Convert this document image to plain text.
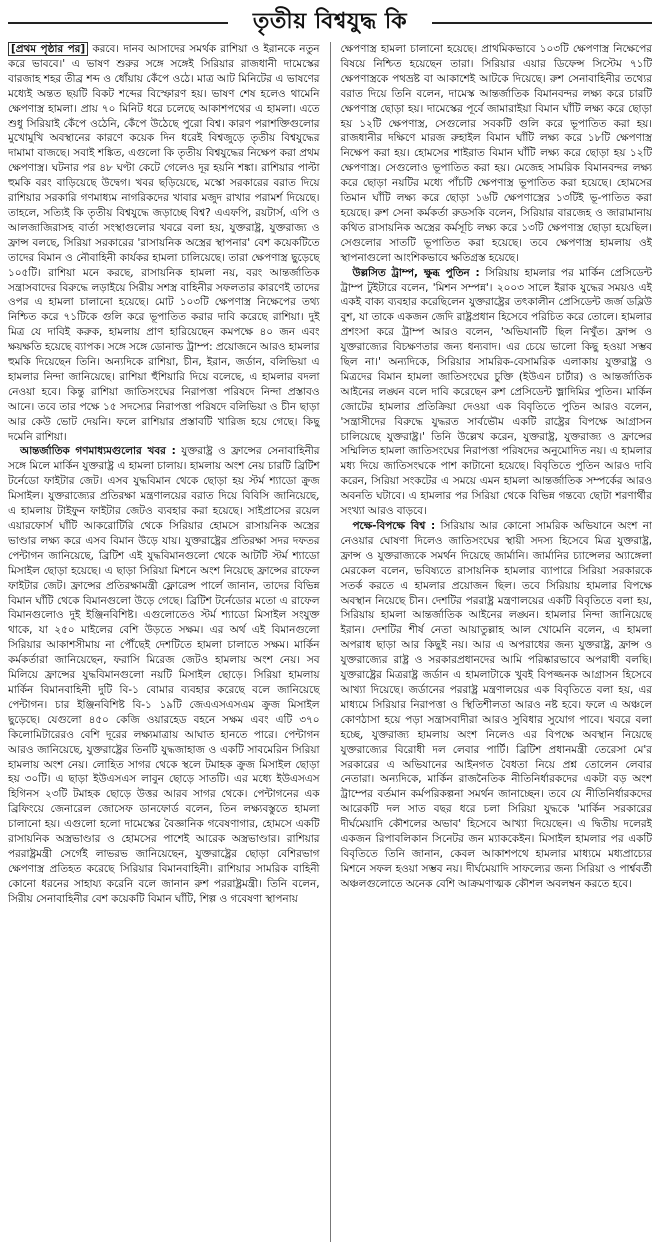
তৃতীয় বিশ্বযুদ্ধ কি

[প্রথম পৃষ্ঠার পর] করবে। দানব আসাদের সমর্থক রাশিয়া ও ইরানকে নতুন করে ভাববে।' এ ভাষণ শুরুর সঙ্গে সঙ্গেই সিরিয়ার রাজধানী দামেস্কের বারজাহ শহর তীব্র শব্দ ও ধোঁয়ায় কেঁপে ওঠে। মাত্র আট মিনিটের এ ভাষণের মধ্যেই অন্তত ছয়টি বিকট শব্দের বিস্ফোরণ হয়। ভাষণ শেষ হলেও থামেনি ক্ষেপণাস্ত্র হামলা। প্রায় ৭০ মিনিট ধরে চলেছে আকাশপথের এ হামলা। এতে শুধু সিরিয়াই কেঁপে ওঠেনি, কেঁপে উঠেছে পুরো বিশ্ব। কারণ পরাশক্তিগুলোর মুখোমুখি অবস্থানের কারণে কয়েক দিন ধরেই বিশ্বজুড়ে তৃতীয় বিশ্বযুদ্ধের দামামা বাজছে। সবাই শঙ্কিত, এগুলো কি তৃতীয় বিশ্বযুদ্ধের নিক্ষেপ করা প্রথম ক্ষেপণাস্ত্র। ঘটনার পর ৪৮ ঘণ্টা কেটে গেলেও দূর হয়নি শঙ্কা। রাশিয়ার পাল্টা হুমকি বরং বাড়িয়েছে উদ্বেগ। খবর ছড়িয়েছে, মস্কো সরকারের বরাত দিয়ে রাশিয়ার সরকারি গণমাধ্যম নাগরিকদের খাবার মজুদ রাখার পরামর্শ দিয়েছে। তাহলে, সত্যিই কি তৃতীয় বিশ্বযুদ্ধে জড়াচ্ছে বিশ্ব? এএফপি, রয়টার্স, এপি ও আলজাজিরাসহ বার্তা সংস্থাগুলোর খবরে বলা হয়, যুক্তরাষ্ট্র, যুক্তরাজ্য ও ফ্রান্স বলছে, সিরিয়া সরকারের 'রাসায়নিক অস্ত্রের স্থাপনার' বেশ কয়েকটিতে তাদের বিমান ও নৌবাহিনী কার্যকর হামলা চালিয়েছে। তারা ক্ষেপণাস্ত্র ছুড়েছে ১০৫টি। রাশিয়া মনে করছে, রাসায়নিক হামলা নয়, বরং আন্তর্জাতিক সন্ত্রাসবাদের বিরুদ্ধে লড়াইয়ে সিরীয় সশস্ত্র বাহিনীর সফলতার কারণেই তাদের ওপর এ হামলা চালানো হয়েছে। মোট ১০৩টি ক্ষেপণাস্ত্র নিক্ষেপের তথ্য নিশ্চিত করে ৭১টিকে গুলি করে ভূপাতিত করার দাবি করেছে রাশিয়া। দুই মিত্র যে দাবিই করুক, হামলায় প্রাণ হারিয়েছেন কমপক্ষে ৪০ জন এবং ক্ষয়ক্ষতি হয়েছে ব্যাপক। সঙ্গে সঙ্গে ডোনাল্ড ট্রাম্প: প্রয়োজনে আরও হামলার হুমকি দিয়েছেন তিনি। অন্যদিকে রাশিয়া, চীন, ইরান, জর্ডান, বলিভিয়া এ হামলার নিন্দা জানিয়েছে। রাশিয়া হুঁশিয়ারি দিয়ে বলেছে, এ হামলার বদলা নেওয়া হবে। কিন্তু রাশিয়া জাতিসংঘের নিরাপত্তা পরিষদে নিন্দা প্রস্তাবও আনে। তবে তার পক্ষে ১৫ সদস্যের নিরাপত্তা পরিষদে বলিভিয়া ও চীন ছাড়া আর কেউ ভোট দেয়নি। ফলে রাশিয়ার প্রস্তাবটি খারিজ হয়ে গেছে। কিছু দমেনি রাশিয়া।

আন্তর্জাতিক গণমাধ্যমগুলোর খবর : যুক্তরাষ্ট্র ও ফ্রান্সের সেনাবাহিনীর সঙ্গে মিলে মার্কিন যুক্তরাষ্ট্র এ হামলা চালায়। হামলায় অংশ নেয় চারটি ব্রিটিশ টর্নেডো ফাইটার জেট। এসব যুদ্ধবিমান থেকে ছোড়া হয় স্টর্ম শ্যাডো ক্রুজ মিসাইল। যুক্তরাজ্যের প্রতিরক্ষা মন্ত্রণালয়ের বরাত দিয়ে বিবিসি জানিয়েছে, এ হামলায় টাইফুন ফাইটার জেটও ব্যবহার করা হয়েছে। সাইপ্রাসের রয়েল এয়ারফোর্স ঘাঁটি আকরোটিরি থেকে সিরিয়ার হোমসে রাসায়নিক অস্ত্রের ভাণ্ডার লক্ষ্য করে এসব বিমান উড়ে যায়। যুক্তরাষ্ট্রের প্রতিরক্ষা সদর দফতর পেন্টাগন জানিয়েছে, ব্রিটিশ এই যুদ্ধবিমানগুলো থেকে আটটি স্টর্ম শ্যাডো মিসাইল ছোড়া হয়েছে। এ ছাড়া সিরিয়া মিশনে অংশ নিয়েছে ফ্রান্সের রাফেল ফাইটার জেট। ফ্রান্সের প্রতিরক্ষামন্ত্রী ফ্লোরেন্স পার্লে জানান, তাদের বিভিন্ন বিমান ঘাঁটি থেকে বিমানগুলো উড়ে গেছে। ব্রিটিশ টর্নেডোর মতো এ রাফেল বিমানগুলোও দুই ইঞ্জিনবিশিষ্ট। এগুলোতেও স্টর্ম শ্যাডো মিসাইল সংযুক্ত থাকে, যা ২৫০ মাইলের বেশি উড়তে সক্ষম। এর অর্থ এই বিমানগুলো সিরিয়ার আকাশসীমায় না পৌঁছেই দেশটিতে হামলা চালাতে সক্ষম। মার্কিন কর্মকর্তারা জানিয়েছেন, ফরাসি মিরেজ জেটও হামলায় অংশ নেয়। সব মিলিয়ে ফ্রান্সের যুদ্ধবিমানগুলো নয়টি মিসাইল ছোড়ে। সিরিয়া হামলায় মার্কিন বিমানবাহিনী দুটি বি-১ বোমার ব্যবহার করেছে বলে জানিয়েছে পেন্টাগন। চার ইঞ্জিনবিশিষ্ট বি-১ ১৯টি জেএএসএসএম ক্রুজ মিসাইল ছুড়েছে। যেগুলো ৪৫০ কেজি ওয়ারহেড বহনে সক্ষম এবং এটি ৩৭০ কিলোমিটারেরও বেশি দূরের লক্ষ্যমাত্রায় আঘাত হানতে পারে। পেন্টাগন আরও জানিয়েছে, যুক্তরাষ্ট্রের তিনটি যুদ্ধজাহাজ ও একটি সাবমেরিন সিরিয়া হামলায় অংশ নেয়। লোহিত সাগর থেকে স্থলে টমাহক ক্রুজ মিসাইল ছোড়া হয় ৩০টি। এ ছাড়া ইউএসএস লাবুন ছোড়ে সাতটি। এর মধ্যে ইউএসএস হিগিনস ২৩টি টমাহক ছোড়ে উত্তর আরব সাগর থেকে। পেন্টাগনের এক ব্রিফিংয়ে জেনারেল জোসেফ ডানফোর্ড বলেন, তিন লক্ষ্যবস্তুতে হামলা চালানো হয়। এগুলো হলো দামেস্কের বৈজ্ঞানিক গবেষণাগার, হোমসে একটি রাসায়নিক অস্ত্রভাণ্ডার ও হোমসের পাশেই আরেক অস্ত্রভাণ্ডার। রাশিয়ার পররাষ্ট্রমন্ত্রী সের্গেই লাভরভ জানিয়েছেন, যুক্তরাষ্ট্রের ছোড়া বেশিরভাগ ক্ষেপণাস্ত্র প্রতিহত করেছে সিরিয়ার বিমানবাহিনী। রাশিয়ার সামরিক বাহিনী কোনো ধরনের সাহায্য করেনি বলে জানান রুশ পররাষ্ট্রমন্ত্রী। তিনি বলেন, সিরীয় সেনাবাহিনীর বেশ কয়েকটি বিমান ঘাঁটি, শিল্প ও গবেষণা স্থাপনায়

ক্ষেপণাস্ত্র হামলা চালানো হয়েছে। প্রাথমিকভাবে ১০৩টি ক্ষেপণাস্ত্র নিক্ষেপের বিষয়ে নিশ্চিত হয়েছেন তারা। সিরিয়ার এয়ার ডিফেন্স সিস্টেম ৭১টি ক্ষেপণাস্ত্রকে পথভ্রষ্ট বা আকাশেই আটকে দিয়েছে। রুশ সেনাবাহিনীর তথ্যের বরাত দিয়ে তিনি বলেন, দামেস্ক আন্তর্জাতিক বিমানবন্দর লক্ষ্য করে চারটি ক্ষেপণাস্ত্র ছোড়া হয়। দামেস্কের পূর্বে জামারাইয়া বিমান ঘাঁটি লক্ষ্য করে ছোড়া হয় ১২টি ক্ষেপণাস্ত্র, সেগুলোর সবকটি গুলি করে ভূপাতিত করা হয়। রাজধানীর দক্ষিণে মারজ রুহাইল বিমান ঘাঁটি লক্ষ্য করে ১৮টি ক্ষেপণাস্ত্র নিক্ষেপ করা হয়। হোমসের শাইরাত বিমান ঘাঁটি লক্ষ্য করে ছোড়া হয় ১২টি ক্ষেপণাস্ত্র। সেগুলোও ভূপাতিত করা হয়। মেজেহ সামরিক বিমানবন্দর লক্ষ্য করে ছোড়া নয়টির মধ্যে পাঁচটি ক্ষেপণাস্ত্র ভূপাতিত করা হয়েছে। হোমসের তিমান ঘাঁটি লক্ষ্য করে ছোড়া ১৬টি ক্ষেপণাস্ত্রের ১৩টিই ভূ-পাতিত করা হয়েছে। রুশ সেনা কর্মকর্তা রুডসকি বলেন, সিরিয়ার বারজেহ ও জারামানায় কথিত রাসায়নিক অস্ত্রের কর্মসূচি লক্ষ্য করে ১৩টি ক্ষেপণাস্ত্র ছোড়া হয়েছিল। সেগুলোর সাতটি ভূপাতিত করা হয়েছে। তবে ক্ষেপণাস্ত্র হামলায় ওই স্থাপনাগুলো আংশিকভাবে ক্ষতিগ্রস্ত হয়েছে।

উল্লসিত ট্রাম্প, ক্ষুব্ধ পুতিন : সিরিয়ায় হামলার পর মার্কিন প্রেসিডেন্ট ট্রাম্প টুইটারে বলেন, 'মিশন সম্পন্ন'। ২০০৩ সালে ইরাক যুদ্ধের সময়ও এই একই বাক্য ব্যবহার করেছিলেন যুক্তরাষ্ট্রের তৎকালীন প্রেসিডেন্ট জর্জ ডব্লিউ বুশ, যা তাকে একজন জেদি রাষ্ট্রপ্রধান হিসেবে পরিচিত করে তোলে। হামলার প্রশংসা করে ট্রাম্প আরও বলেন, 'অভিযানটি ছিল নিখুঁত। ফ্রান্স ও যুক্তরাজ্যের বিচক্ষণতার জন্য ধন্যবাদ। এর চেয়ে ভালো কিছু হওয়া সম্ভব ছিল না।' অন্যদিকে, সিরিয়ার সামরিক-বেসামরিক এলাকায় যুক্তরাষ্ট্র ও মিত্রদের বিমান হামলা জাতিসংঘের চুক্তি (ইউএন চার্টার) ও আন্তর্জাতিক আইনের লঙ্ঘন বলে দাবি করেছেন রুশ প্রেসিডেন্ট ভ্লাদিমির পুতিন। মার্কিন জোটের হামলার প্রতিক্রিয়া দেওয়া এক বিবৃতিতে পুতিন আরও বলেন, 'সন্ত্রাসীদের বিরুদ্ধে যুদ্ধরত সার্বভৌম একটি রাষ্ট্রের বিপক্ষে আগ্রাসন চালিয়েছে যুক্তরাষ্ট্র।' তিনি উল্লেখ করেন, যুক্তরাষ্ট্র, যুক্তরাজ্য ও ফ্রান্সের সম্মিলিত হামলা জাতিসংঘের নিরাপত্তা পরিষদের অনুমোদিত নয়। এ হামলার মধ্য দিয়ে জাতিসংঘকে পাশ কাটানো হয়েছে। বিবৃতিতে পুতিন আরও দাবি করেন, সিরিয়া সংকটের এ সময়ে এমন হামলা আন্তর্জাতিক সম্পর্কের আরও অবনতি ঘটাবে। এ হামলার পর সিরিয়া থেকে বিভিন্ন গন্তব্যে ছোটা শরণার্থীর সংখ্যা আরও বাড়বে।

পক্ষে-বিপক্ষে বিশ্ব : সিরিয়ায় আর কোনো সামরিক অভিযানে অংশ না নেওয়ার ঘোষণা দিলেও জাতিসংঘের স্থায়ী সদস্য হিসেবে মিত্র যুক্তরাষ্ট্র, ফ্রান্স ও যুক্তরাজ্যকে সমর্থন দিয়েছে জার্মানি। জার্মানির চ্যান্সেলর অ্যাঙ্গেলা মেরকেল বলেন, ভবিষ্যতে রাসায়নিক হামলার ব্যাপারে সিরিয়া সরকারকে সতর্ক করতে এ হামলার প্রয়োজন ছিল। তবে সিরিয়ায় হামলার বিপক্ষে অবস্থান নিয়েছে চীন। দেশটির পররাষ্ট্র মন্ত্রণালয়ের একটি বিবৃতিতে বলা হয়, সিরিয়ায় হামলা আন্তর্জাতিক আইনের লঙ্ঘন। হামলার নিন্দা জানিয়েছে ইরান। দেশটির শীর্ষ নেতা আয়াতুল্লাহ আল খোমেনি বলেন, এ হামলা অপরাধ ছাড়া আর কিছুই নয়। আর এ অপরাধের জন্য যুক্তরাষ্ট্র, ফ্রান্স ও যুক্তরাজ্যের রাষ্ট্র ও সরকারপ্রধানদের আমি পরিষ্কারভাবে অপরাধী বলছি। যুক্তরাষ্ট্রের মিত্ররাষ্ট্র জর্ডান এ হামলাটাকে খুবই বিপজ্জনক আগ্রাসন হিসেবে আখ্যা দিয়েছে। জর্ডানের পররাষ্ট্র মন্ত্রণালয়ের এক বিবৃতিতে বলা হয়, এর মাধ্যমে সিরিয়ার নিরাপত্তা ও স্থিতিশীলতা আরও নষ্ট হবে। ফলে এ অঞ্চলে কোণঠাসা হয়ে পড়া সন্ত্রাসবাদীরা আরও সুবিধার সুযোগ পাবে। খবরে বলা হচ্ছে, যুক্তরাজ্য হামলায় অংশ নিলেও এর বিপক্ষে অবস্থান নিয়েছে যুক্তরাজ্যের বিরোধী দল লেবার পার্টি। ব্রিটিশ প্রধানমন্ত্রী তেরেসা মে'র সরকারের এ অভিযানের আইনগত বৈধতা নিয়ে প্রশ্ন তোলেন লেবার নেতারা। অন্যদিকে, মার্কিন রাজনৈতিক নীতিনির্ধারকদের একটা বড় অংশ ট্রাম্পের বর্তমান কর্মপরিকল্পনা সমর্থন জানাচ্ছেন। তবে যে নীতিনির্ধারকদের আরেকটি দল সাত বছর ধরে চলা সিরিয়া যুদ্ধকে 'মার্কিন সরকারের দীর্ঘমেয়াদি কৌশলের অভাব' হিসেবে আখ্যা দিয়েছেন। এ দ্বিতীয় দলেরই একজন রিপাবলিকান সিনেটর জন ম্যাককেইন। মিসাইল হামলার পর একটি বিবৃতিতে তিনি জানান, কেবল আকাশপথে হামলার মাধ্যমে মধ্যপ্রাচ্যের মিশনে সফল হওয়া সম্ভব নয়। দীর্ঘমেয়াদি সাফল্যের জন্য সিরিয়া ও পার্শ্ববর্তী অঞ্চলগুলোতে অনেক বেশি আক্রমণাত্মক কৌশল অবলম্বন করতে হবে।
